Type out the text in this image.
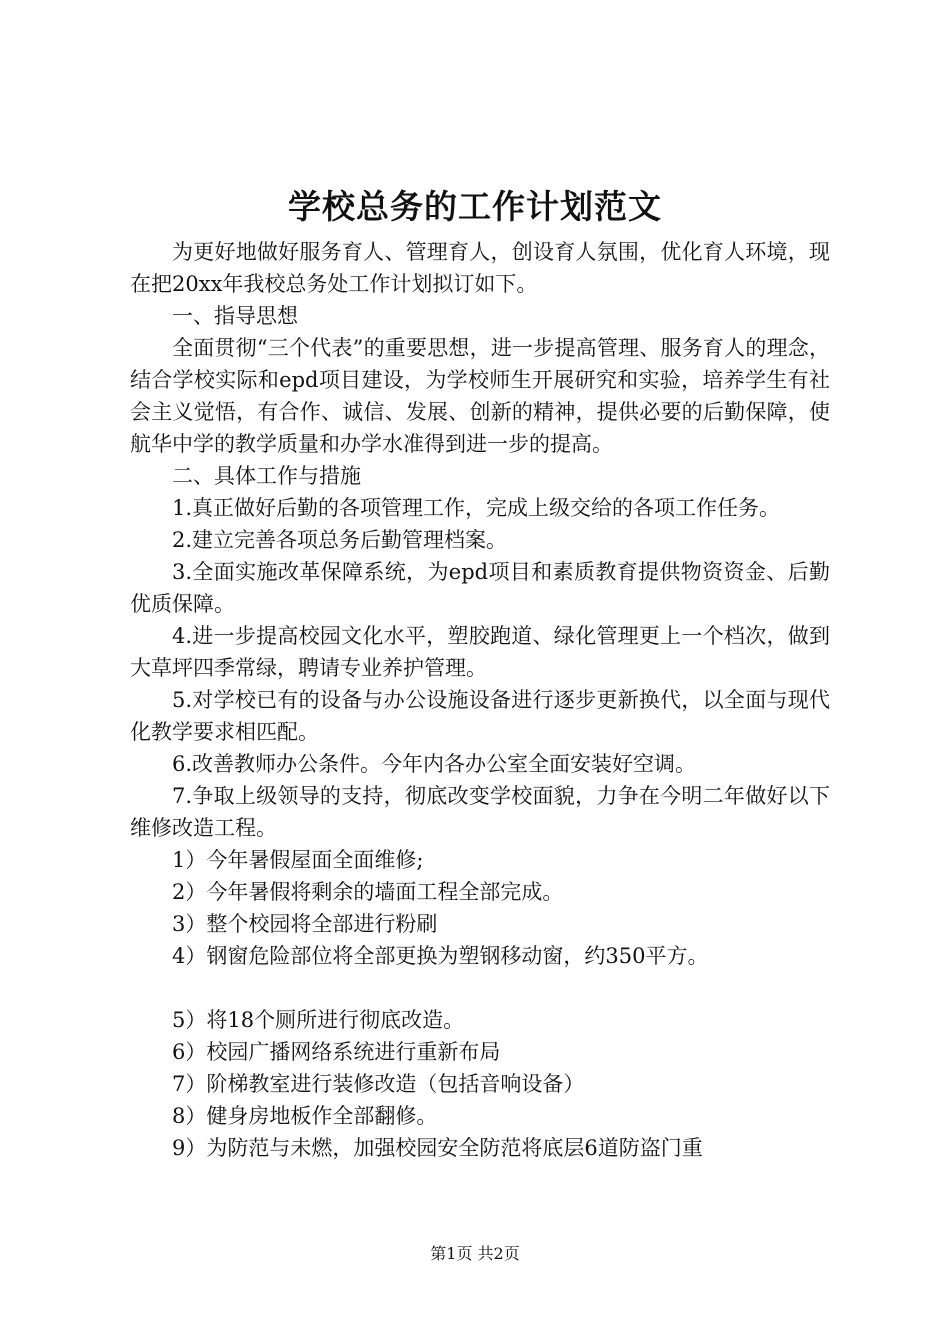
学校总务的工作计划范文

为更好地做好服务育人、管理育人，创设育人氛围，优化育人环境，现在把20xx年我校总务处工作计划拟订如下。

一、指导思想

全面贯彻“三个代表”的重要思想，进一步提高管理、服务育人的理念，结合学校实际和epd项目建设，为学校师生开展研究和实验，培养学生有社会主义觉悟，有合作、诚信、发展、创新的精神，提供必要的后勤保障，使航华中学的教学质量和办学水准得到进一步的提高。

二、具体工作与措施

1.真正做好后勤的各项管理工作，完成上级交给的各项工作任务。

2.建立完善各项总务后勤管理档案。

3.全面实施改革保障系统，为epd项目和素质教育提供物资资金、后勤优质保障。

4.进一步提高校园文化水平，塑胶跑道、绿化管理更上一个档次，做到大草坪四季常绿，聘请专业养护管理。

5.对学校已有的设备与办公设施设备进行逐步更新换代，以全面与现代化教学要求相匹配。

6.改善教师办公条件。今年内各办公室全面安装好空调。

7.争取上级领导的支持，彻底改变学校面貌，力争在今明二年做好以下维修改造工程。

1）今年暑假屋面全面维修;

2）今年暑假将剩余的墙面工程全部完成。

3）整个校园将全部进行粉刷

4）钢窗危险部位将全部更换为塑钢移动窗，约350平方。

5）将18个厕所进行彻底改造。

6）校园广播网络系统进行重新布局

7）阶梯教室进行装修改造（包括音响设备）

8）健身房地板作全部翻修。

9）为防范与未燃，加强校园安全防范将底层6道防盗门重

第1页 共2页
